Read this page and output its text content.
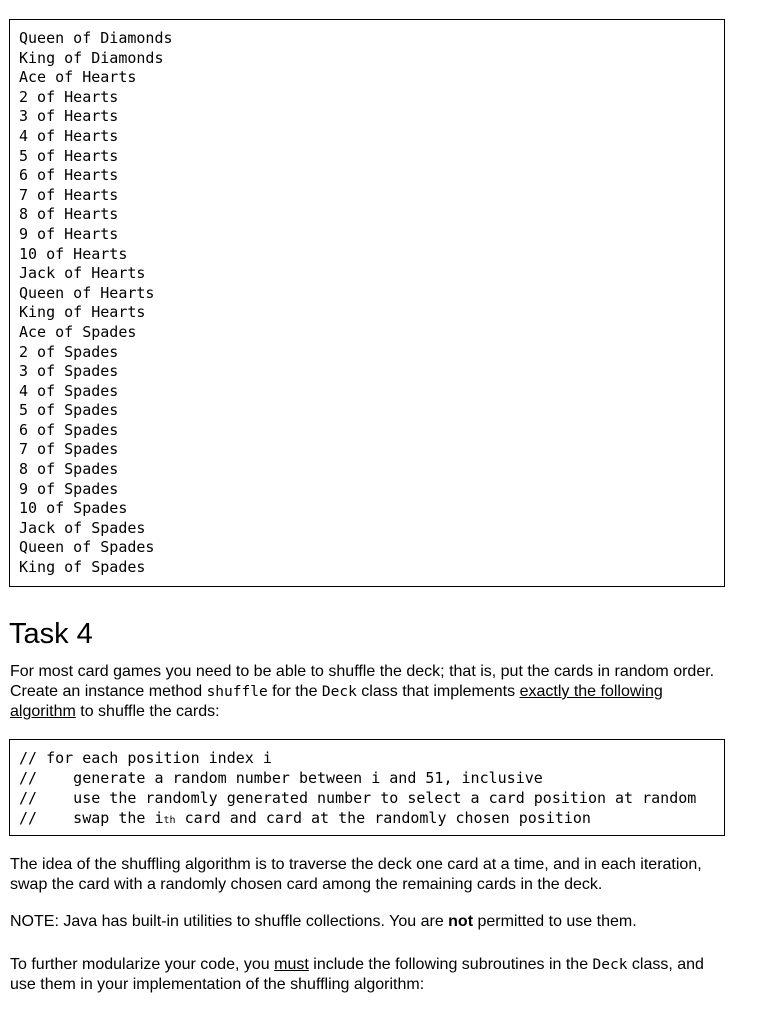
Queen of Diamonds
King of Diamonds
Ace of Hearts
2 of Hearts
3 of Hearts
4 of Hearts
5 of Hearts
6 of Hearts
7 of Hearts
8 of Hearts
9 of Hearts
10 of Hearts
Jack of Hearts
Queen of Hearts
King of Hearts
Ace of Spades
2 of Spades
3 of Spades
4 of Spades
5 of Spades
6 of Spades
7 of Spades
8 of Spades
9 of Spades
10 of Spades
Jack of Spades
Queen of Spades
King of Spades
Task 4

For most card games you need to be able to shuffle the deck; that is, put the cards in random order. Create an instance method shuffle for the Deck class that implements exactly the following algorithm to shuffle the cards:

// for each position index i
//    generate a random number between i and 51, inclusive
//    use the randomly generated number to select a card position at random
//    swap the ith card and card at the randomly chosen position

The idea of the shuffling algorithm is to traverse the deck one card at a time, and in each iteration, swap the card with a randomly chosen card among the remaining cards in the deck.

NOTE: Java has built-in utilities to shuffle collections. You are not permitted to use them.

To further modularize your code, you must include the following subroutines in the Deck class, and use them in your implementation of the shuffling algorithm:
